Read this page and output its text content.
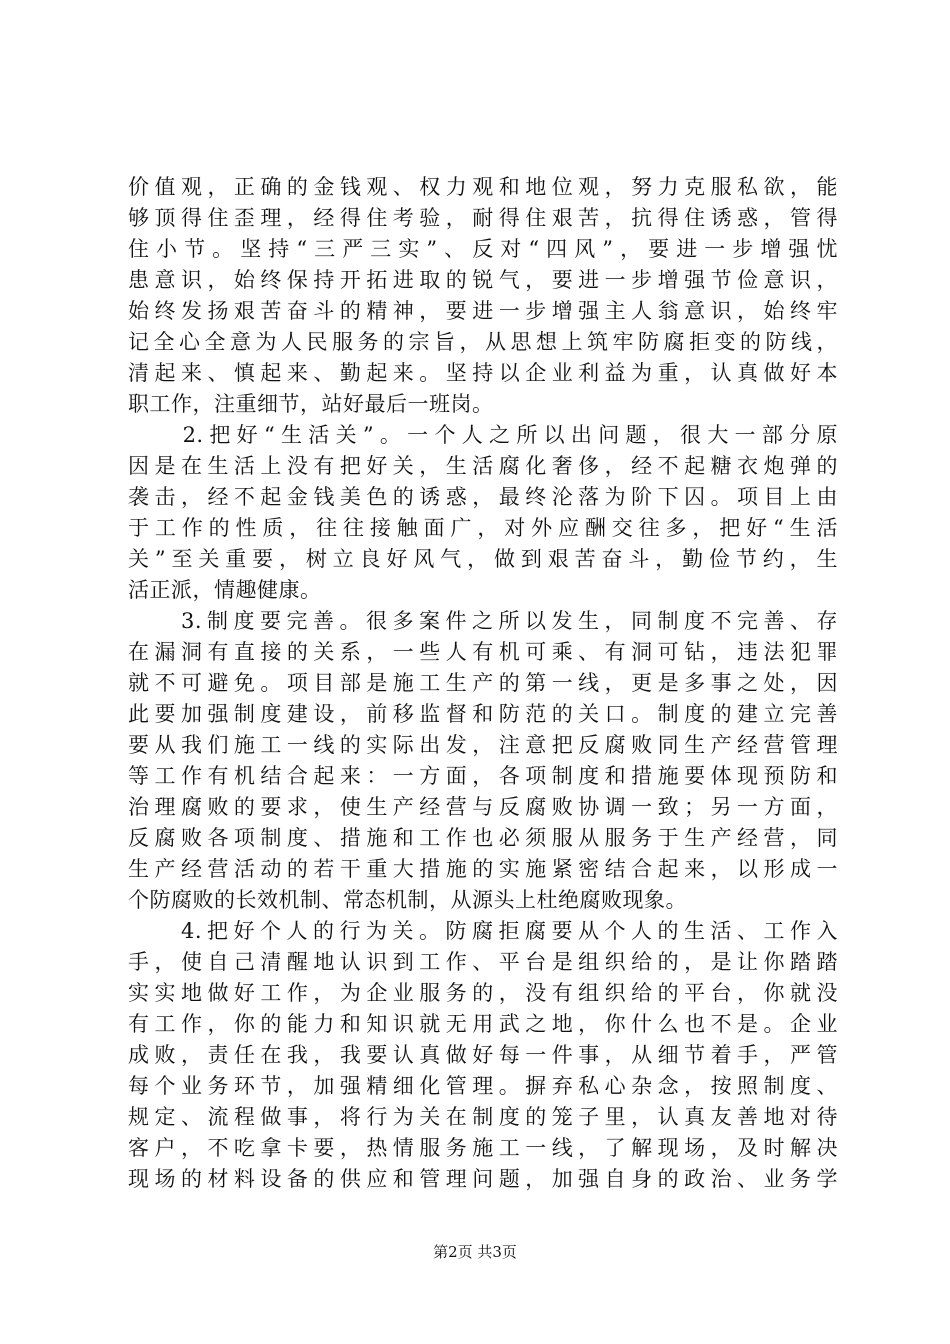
价值观，正确的金钱观、权力观和地位观，努力克服私欲，能
够顶得住歪理，经得住考验，耐得住艰苦，抗得住诱惑，管得
住小节。坚持“三严三实”、反对“四风”，要进一步增强忧
患意识，始终保持开拓进取的锐气，要进一步增强节俭意识，
始终发扬艰苦奋斗的精神，要进一步增强主人翁意识，始终牢
记全心全意为人民服务的宗旨，从思想上筑牢防腐拒变的防线，
清起来、慎起来、勤起来。坚持以企业利益为重，认真做好本
职工作，注重细节，站好最后一班岗。
　　2.把好“生活关”。一个人之所以出问题，很大一部分原
因是在生活上没有把好关，生活腐化奢侈，经不起糖衣炮弹的
袭击，经不起金钱美色的诱惑，最终沦落为阶下囚。项目上由
于工作的性质，往往接触面广，对外应酬交往多，把好“生活
关”至关重要，树立良好风气，做到艰苦奋斗，勤俭节约，生
活正派，情趣健康。
　　3.制度要完善。很多案件之所以发生，同制度不完善、存
在漏洞有直接的关系，一些人有机可乘、有洞可钻，违法犯罪
就不可避免。项目部是施工生产的第一线，更是多事之处，因
此要加强制度建设，前移监督和防范的关口。制度的建立完善
要从我们施工一线的实际出发，注意把反腐败同生产经营管理
等工作有机结合起来：一方面，各项制度和措施要体现预防和
治理腐败的要求，使生产经营与反腐败协调一致；另一方面，
反腐败各项制度、措施和工作也必须服从服务于生产经营，同
生产经营活动的若干重大措施的实施紧密结合起来，以形成一
个防腐败的长效机制、常态机制，从源头上杜绝腐败现象。
　　4.把好个人的行为关。防腐拒腐要从个人的生活、工作入
手，使自己清醒地认识到工作、平台是组织给的，是让你踏踏
实实地做好工作，为企业服务的，没有组织给的平台，你就没
有工作，你的能力和知识就无用武之地，你什么也不是。企业
成败，责任在我，我要认真做好每一件事，从细节着手，严管
每个业务环节，加强精细化管理。摒弃私心杂念，按照制度、
规定、流程做事，将行为关在制度的笼子里，认真友善地对待
客户，不吃拿卡要，热情服务施工一线，了解现场，及时解决
现场的材料设备的供应和管理问题，加强自身的政治、业务学
第2页 共3页
